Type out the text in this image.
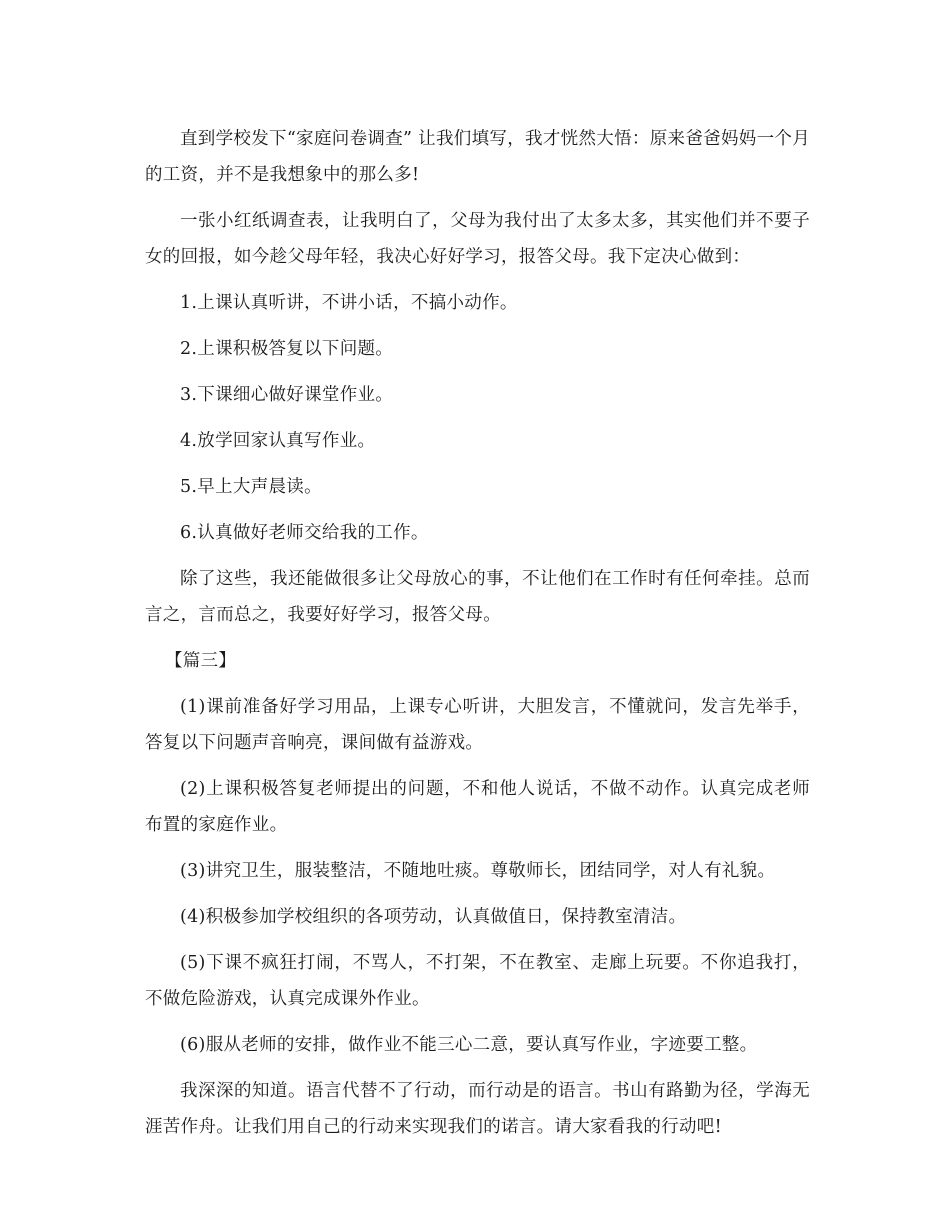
直到学校发下“家庭问卷调查” 让我们填写，我才恍然大悟：原来爸爸妈妈一个月的工资，并不是我想象中的那么多!

一张小红纸调查表，让我明白了，父母为我付出了太多太多，其实他们并不要子女的回报，如今趁父母年轻，我决心好好学习，报答父母。我下定决心做到：

1.上课认真听讲，不讲小话，不搞小动作。

2.上课积极答复以下问题。

3.下课细心做好课堂作业。

4.放学回家认真写作业。

5.早上大声晨读。

6.认真做好老师交给我的工作。

除了这些，我还能做很多让父母放心的事，不让他们在工作时有任何牵挂。总而言之，言而总之，我要好好学习，报答父母。

【篇三】

(1)课前准备好学习用品，上课专心听讲，大胆发言，不懂就问，发言先举手，答复以下问题声音响亮，课间做有益游戏。

(2)上课积极答复老师提出的问题，不和他人说话，不做不动作。认真完成老师布置的家庭作业。

(3)讲究卫生，服装整洁，不随地吐痰。尊敬师长，团结同学，对人有礼貌。

(4)积极参加学校组织的各项劳动，认真做值日，保持教室清洁。

(5)下课不疯狂打闹，不骂人，不打架，不在教室、走廊上玩要。不你追我打，不做危险游戏，认真完成课外作业。

(6)服从老师的安排，做作业不能三心二意，要认真写作业，字迹要工整。

我深深的知道。语言代替不了行动，而行动是的语言。书山有路勤为径，学海无涯苦作舟。让我们用自己的行动来实现我们的诺言。请大家看我的行动吧!
